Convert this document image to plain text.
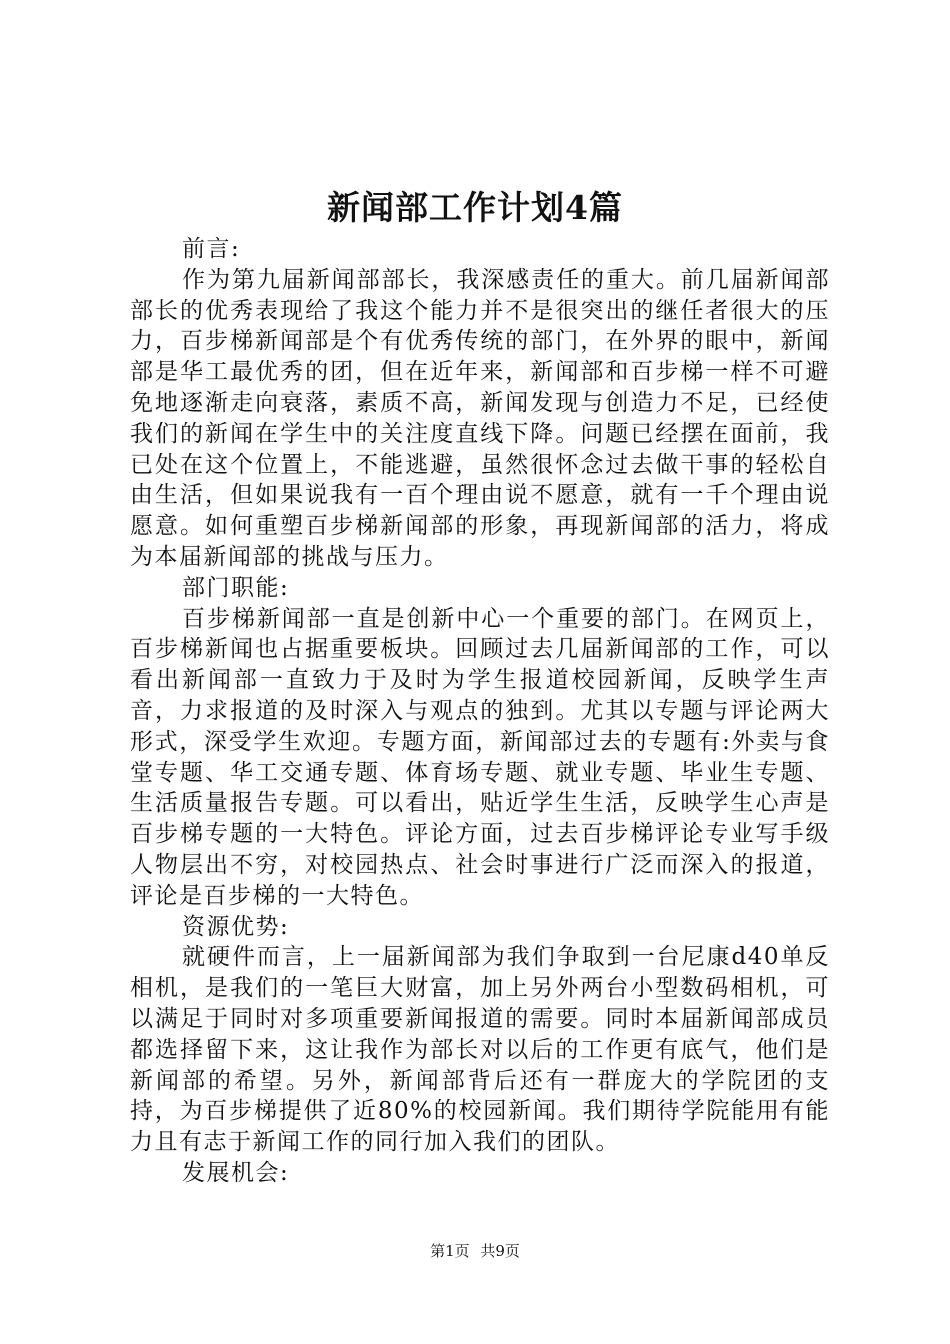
新闻部工作计划4篇

前言:

作为第九届新闻部部长，我深感责任的重大。前几届新闻部部长的优秀表现给了我这个能力并不是很突出的继任者很大的压力，百步梯新闻部是个有优秀传统的部门，在外界的眼中，新闻部是华工最优秀的团，但在近年来，新闻部和百步梯一样不可避免地逐渐走向衰落，素质不高，新闻发现与创造力不足，已经使我们的新闻在学生中的关注度直线下降。问题已经摆在面前，我已处在这个位置上，不能逃避，虽然很怀念过去做干事的轻松自由生活，但如果说我有一百个理由说不愿意，就有一千个理由说愿意。如何重塑百步梯新闻部的形象，再现新闻部的活力，将成为本届新闻部的挑战与压力。

部门职能:

百步梯新闻部一直是创新中心一个重要的部门。在网页上，百步梯新闻也占据重要板块。回顾过去几届新闻部的工作，可以看出新闻部一直致力于及时为学生报道校园新闻，反映学生声音，力求报道的及时深入与观点的独到。尤其以专题与评论两大形式，深受学生欢迎。专题方面，新闻部过去的专题有:外卖与食堂专题、华工交通专题、体育场专题、就业专题、毕业生专题、生活质量报告专题。可以看出，贴近学生生活，反映学生心声是百步梯专题的一大特色。评论方面，过去百步梯评论专业写手级人物层出不穷，对校园热点、社会时事进行广泛而深入的报道，评论是百步梯的一大特色。

资源优势:

就硬件而言，上一届新闻部为我们争取到一台尼康d40单反相机，是我们的一笔巨大财富，加上另外两台小型数码相机，可以满足于同时对多项重要新闻报道的需要。同时本届新闻部成员都选择留下来，这让我作为部长对以后的工作更有底气，他们是新闻部的希望。另外，新闻部背后还有一群庞大的学院团的支持，为百步梯提供了近80%的校园新闻。我们期待学院能用有能力且有志于新闻工作的同行加入我们的团队。

发展机会:

第1页 共9页
